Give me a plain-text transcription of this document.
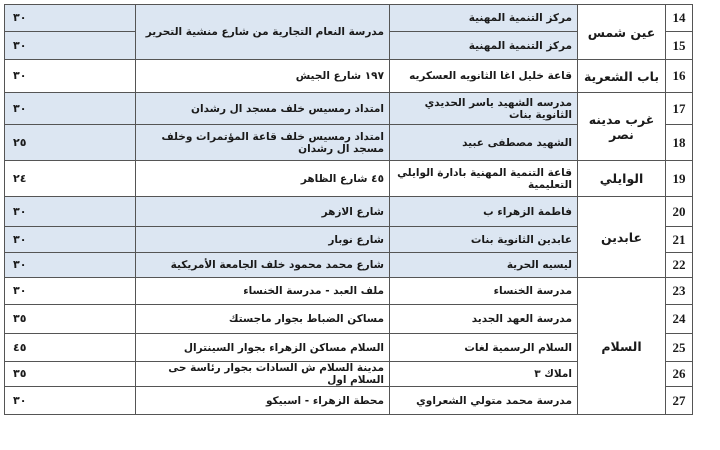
14	عين شمس	مركز التنمية المهنية	مدرسة النعام التجارية من شارع منشية التحرير	٣٠
15		مركز التنمية المهنية		٣٠
16	باب الشعرية	قاعة خليل اغا الثانويه العسكريه	١٩٧ شارع الجيش	٣٠
17	غرب مدينه نصر	مدرسه الشهيد ياسر الحديدي الثانوية بنات	امتداد رمسيس خلف مسجد ال رشدان	٣٠
18		الشهيد مصطفى عبيد	امتداد رمسيس خلف قاعة المؤتمرات وخلف مسجد ال رشدان	٢٥
19	الوايلي	قاعة التنمية المهنية بادارة الوايلي التعليمية	٤٥ شارع الظاهر	٢٤
20	عابدين	فاطمة الزهراء ب	شارع الازهر	٣٠
21		عابدين الثانوية بنات	شارع نوبار	٣٠
22		ليسيه الحرية	شارع محمد محمود خلف الجامعة الأمريكية	٣٠
23	السلام	مدرسة الخنساء	ملف العبد - مدرسة الخنساء	٣٠
24		مدرسة العهد الجديد	مساكن الضباط بجوار ماجستك	٣٥
25		السلام الرسمية لغات	السلام مساكن الزهراء بجوار السينترال	٤٥
26		املاك ٣	مدينة السلام ش السادات بجوار رئاسة حى السلام اول	٣٥
27		مدرسة محمد متولي الشعراوي	محطة الزهراء - اسبيكو	٣٠
